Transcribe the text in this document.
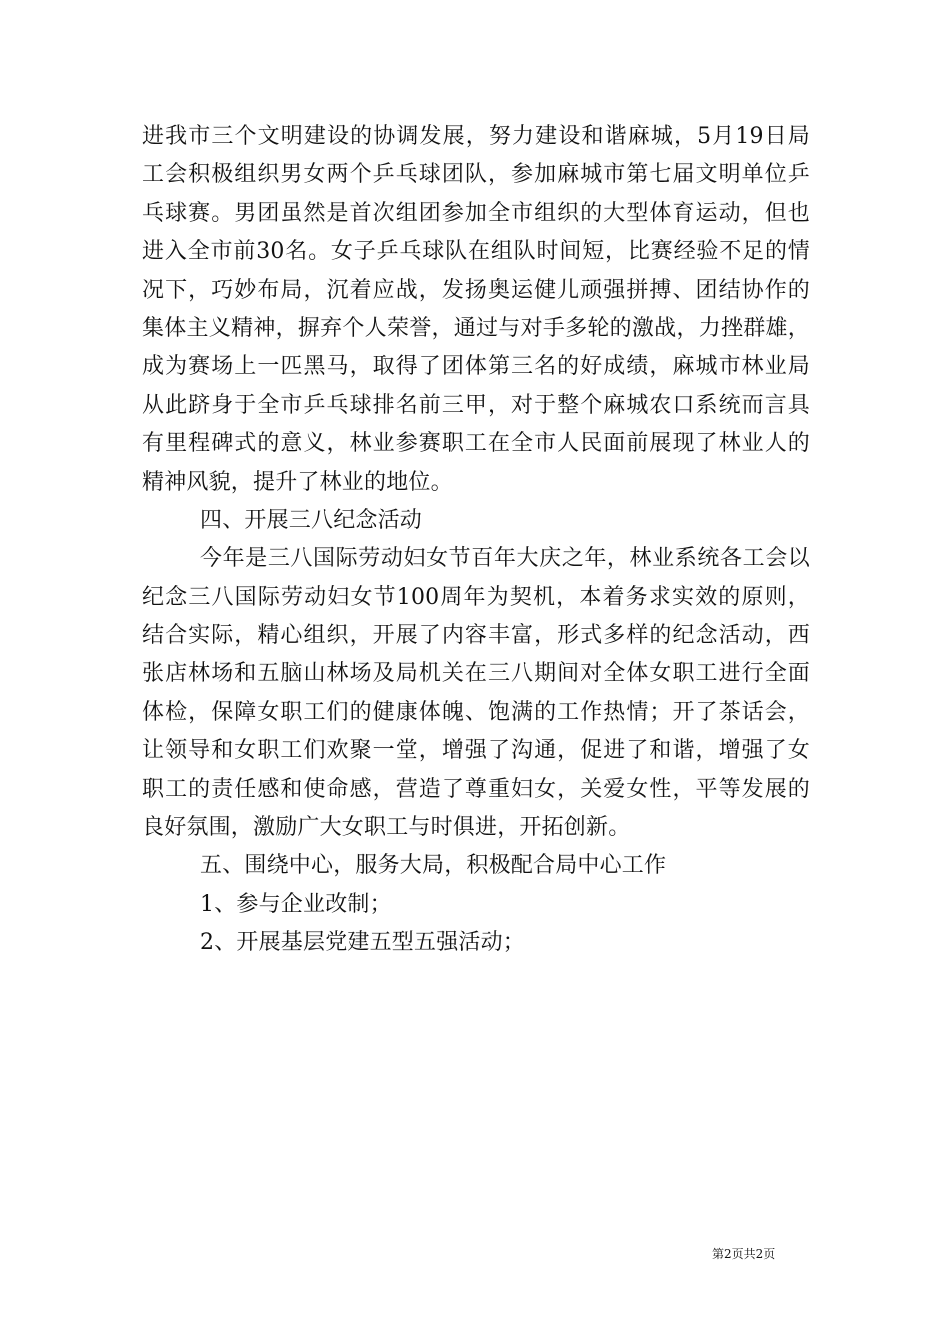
进我市三个文明建设的协调发展，努力建设和谐麻城，5月19日局
工会积极组织男女两个乒乓球团队，参加麻城市第七届文明单位乒
乓球赛。男团虽然是首次组团参加全市组织的大型体育运动，但也
进入全市前30名。女子乒乓球队在组队时间短，比赛经验不足的情
况下，巧妙布局，沉着应战，发扬奥运健儿顽强拼搏、团结协作的
集体主义精神，摒弃个人荣誉，通过与对手多轮的激战，力挫群雄，
成为赛场上一匹黑马，取得了团体第三名的好成绩，麻城市林业局
从此跻身于全市乒乓球排名前三甲，对于整个麻城农口系统而言具
有里程碑式的意义，林业参赛职工在全市人民面前展现了林业人的
精神风貌，提升了林业的地位。
四、开展三八纪念活动
今年是三八国际劳动妇女节百年大庆之年，林业系统各工会以
纪念三八国际劳动妇女节100周年为契机，本着务求实效的原则，
结合实际，精心组织，开展了内容丰富，形式多样的纪念活动，西
张店林场和五脑山林场及局机关在三八期间对全体女职工进行全面
体检，保障女职工们的健康体魄、饱满的工作热情；开了茶话会，
让领导和女职工们欢聚一堂，增强了沟通，促进了和谐，增强了女
职工的责任感和使命感，营造了尊重妇女，关爱女性，平等发展的
良好氛围，激励广大女职工与时俱进，开拓创新。
五、围绕中心，服务大局，积极配合局中心工作
1、参与企业改制；
2、开展基层党建五型五强活动；
第2页共2页
